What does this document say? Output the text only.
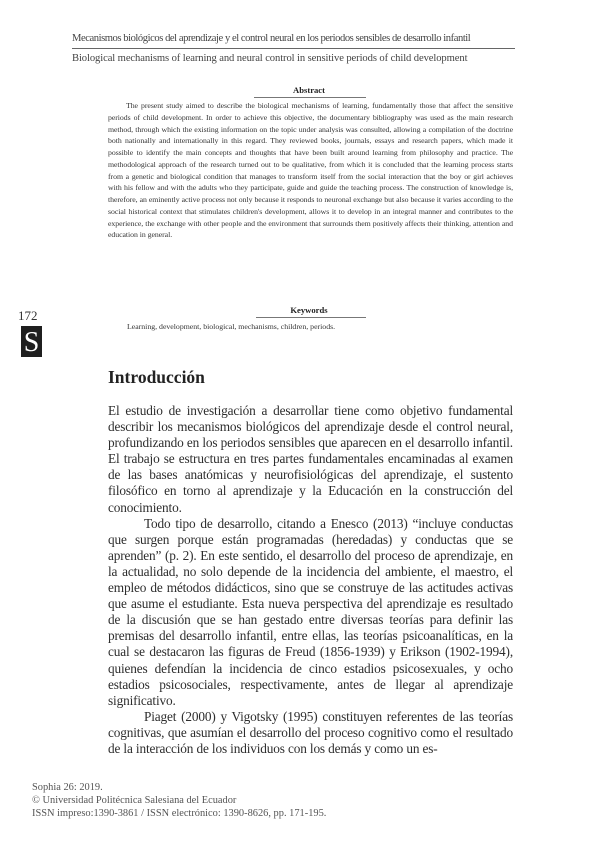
Mecanismos biológicos del aprendizaje y el control neural en los periodos sensibles de desarrollo infantil
Biological mechanisms of learning and neural control in sensitive periods of child development
Abstract

The present study aimed to describe the biological mechanisms of learning, fundamentally those that affect the sensitive periods of child development. In order to achieve this objective, the documentary bibliography was used as the main research method, through which the existing information on the topic under analysis was consulted, allowing a compilation of the doctrine both nationally and internationally in this regard. They reviewed books, journals, essays and research papers, which made it possible to identify the main concepts and thoughts that have been built around learning from philosophy and practice. The methodological approach of the research turned out to be qualitative, from which it is concluded that the learning process starts from a genetic and biological condition that manages to transform itself from the social interaction that the boy or girl achieves with his fellow and with the adults who they participate, guide and guide the teaching process. The construction of knowledge is, therefore, an eminently active process not only because it responds to neuronal exchange but also because it varies according to the social historical context that stimulates children's development, allows it to develop in an integral manner and contributes to the experience, the exchange with other people and the environment that surrounds them positively affects their thinking, attention and education in general.

172
S
Keywords

Learning, development, biological, mechanisms, children, periods.

Introducción

El estudio de investigación a desarrollar tiene como objetivo fundamental describir los mecanismos biológicos del aprendizaje desde el control neural, profundizando en los periodos sensibles que aparecen en el desarrollo infantil. El trabajo se estructura en tres partes fundamentales encaminadas al examen de las bases anatómicas y neurofisiológicas del aprendizaje, el sustento filosófico en torno al aprendizaje y la Educación en la construcción del conocimiento.

Todo tipo de desarrollo, citando a Enesco (2013) “incluye conductas que surgen porque están programadas (heredadas) y conductas que se aprenden” (p. 2). En este sentido, el desarrollo del proceso de aprendizaje, en la actualidad, no solo depende de la incidencia del ambiente, el maestro, el empleo de métodos didácticos, sino que se construye de las actitudes activas que asume el estudiante. Esta nueva perspectiva del aprendizaje es resultado de la discusión que se han gestado entre diversas teorías para definir las premisas del desarrollo infantil, entre ellas, las teorías psicoanalíticas, en la cual se destacaron las figuras de Freud (1856-1939) y Erikson (1902-1994), quienes defendían la incidencia de cinco estadios psicosexuales, y ocho estadios psicosociales, respectivamente, antes de llegar al aprendizaje significativo.

Piaget (2000) y Vigotsky (1995) constituyen referentes de las teorías cognitivas, que asumían el desarrollo del proceso cognitivo como el resultado de la interacción de los individuos con los demás y como un es-

Sophia 26: 2019.
© Universidad Politécnica Salesiana del Ecuador
ISSN impreso:1390-3861 / ISSN electrónico: 1390-8626, pp. 171-195.
